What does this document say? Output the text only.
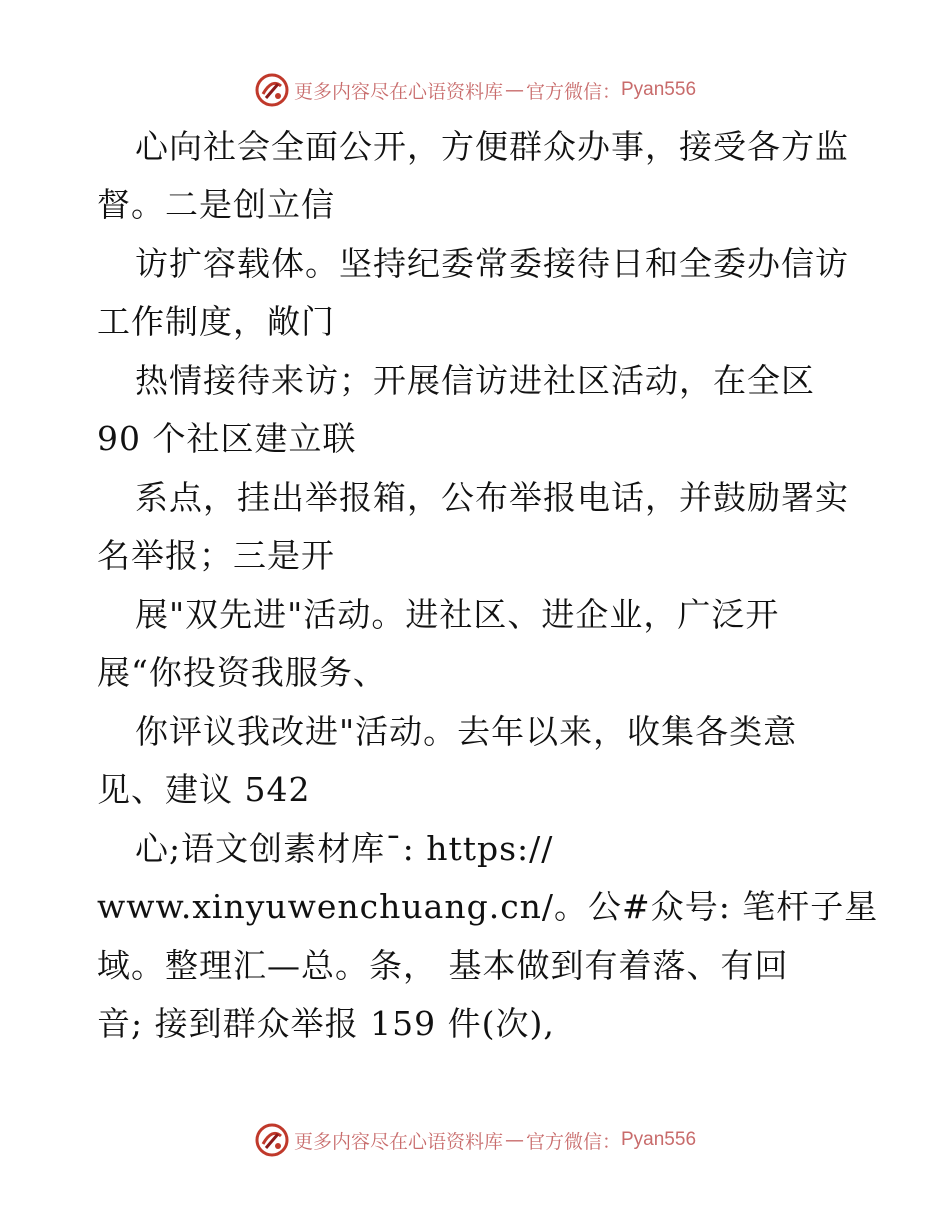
更多内容尽在心语资料库 — 官方微信： Pyan556
心向社会全面公开，方便群众办事，接受各方监
督。二是创立信
访扩容载体。坚持纪委常委接待日和全委办信访
工作制度，敞门
热情接待来访；开展信访进社区活动，在全区
90 个社区建立联
系点，挂出举报箱，公布举报电话，并鼓励署实
名举报；三是开
展"双先进"活动。进社区、进企业，广泛开
展“你投资我服务、
你评议我改进"活动。去年以来，收集各类意
见、建议 542
心;语文创素材库¯: https://
www.xinyuwenchuang.cn/。公#众号: 笔杆子星
域。整理汇—总。条， 基本做到有着落、有回
音; 接到群众举报 159 件(次),
更多内容尽在心语资料库 — 官方微信： Pyan556
